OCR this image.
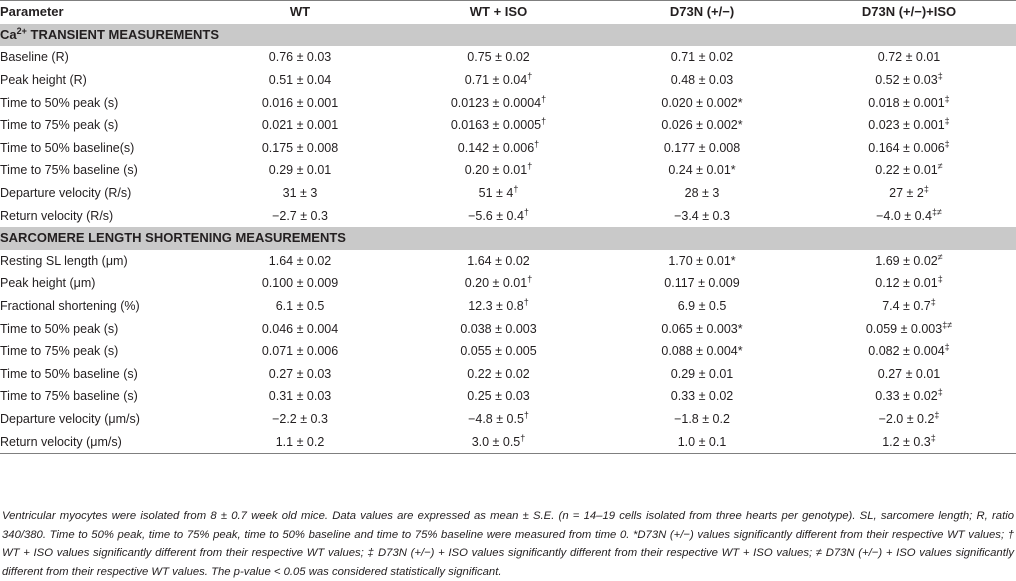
Parameter	WT	WT + ISO	D73N (+/−)	D73N (+/−)+ISO
$Ca^{2+}$ TRANSIENT MEASUREMENTS				
Baseline (R)	0.76 ± 0.03	0.75 ± 0.02	0.71 ± 0.02	0.72 ± 0.01
Peak height (R)	0.51 ± 0.04	0.71 ± 0.04†	0.48 ± 0.03	0.52 ± 0.03‡
Time to 50% peak (s)	0.016 ± 0.001	0.0123 ± 0.0004†	0.020 ± 0.002*	0.018 ± 0.001‡
Time to 75% peak (s)	0.021 ± 0.001	0.0163 ± 0.0005†	0.026 ± 0.002*	0.023 ± 0.001‡
Time to 50% baseline(s)	0.175 ± 0.008	0.142 ± 0.006†	0.177 ± 0.008	0.164 ± 0.006‡
Time to 75% baseline (s)	0.29 ± 0.01	0.20 ± 0.01†	0.24 ± 0.01*	0.22 ± 0.01≠
Departure velocity (R/s)	31 ± 3	51 ± 4†	28 ± 3	27 ± 2‡
Return velocity (R/s)	−2.7 ± 0.3	−5.6 ± 0.4†	−3.4 ± 0.3	−4.0 ± 0.4‡≠
SARCOMERE LENGTH SHORTENING MEASUREMENTS				
Resting SL length (μm)	1.64 ± 0.02	1.64 ± 0.02	1.70 ± 0.01*	1.69 ± 0.02≠
Peak height (μm)	0.100 ± 0.009	0.20 ± 0.01†	0.117 ± 0.009	0.12 ± 0.01‡
Fractional shortening (%)	6.1 ± 0.5	12.3 ± 0.8†	6.9 ± 0.5	7.4 ± 0.7‡
Time to 50% peak (s)	0.046 ± 0.004	0.038 ± 0.003	0.065 ± 0.003*	0.059 ± 0.003‡≠
Time to 75% peak (s)	0.071 ± 0.006	0.055 ± 0.005	0.088 ± 0.004*	0.082 ± 0.004‡
Time to 50% baseline (s)	0.27 ± 0.03	0.22 ± 0.02	0.29 ± 0.01	0.27 ± 0.01
Time to 75% baseline (s)	0.31 ± 0.03	0.25 ± 0.03	0.33 ± 0.02	0.33 ± 0.02‡
Departure velocity (μm/s)	−2.2 ± 0.3	−4.8 ± 0.5†	−1.8 ± 0.2	−2.0 ± 0.2‡
Return velocity (μm/s)	1.1 ± 0.2	3.0 ± 0.5†	1.0 ± 0.1	1.2 ± 0.3‡

Ventricular myocytes were isolated from 8 ± 0.7 week old mice. Data values are expressed as mean ± S.E. (n = 14–19 cells isolated from three hearts per genotype). SL, sarcomere length; R, ratio 340/380. Time to 50% peak, time to 75% peak, time to 50% baseline and time to 75% baseline were measured from time 0. *D73N (+/−) values significantly different from their respective WT values; † WT + ISO values significantly different from their respective WT values; ‡ D73N (+/−) + ISO values significantly different from their respective WT + ISO values; ≠ D73N (+/−) + ISO values significantly different from their respective WT values. The p-value < 0.05 was considered statistically significant.
